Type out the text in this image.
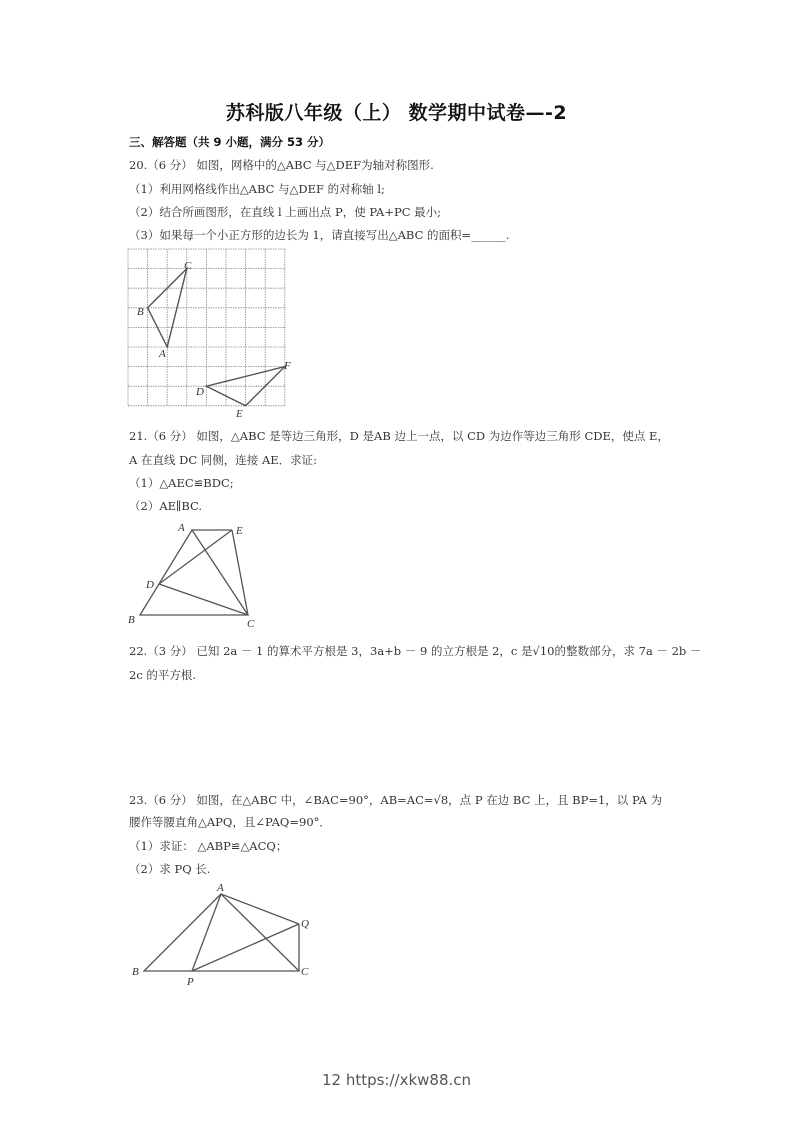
苏科版八年级（上） 数学期中试卷—-2
三、解答题（共 9 小题，满分 53 分）
20.（6 分） 如图，网格中的△ABC 与△DEF为轴对称图形.
（1）利用网格线作出△ABC 与△DEF 的对称轴 l;
（2）结合所画图形，在直线 l 上画出点 P，使 PA+PC 最小;
（3）如果每一个小正方形的边长为 1，请直接写出△ABC 的面积=______.
C
B
A
F
D
E
21.（6 分） 如图，△ABC 是等边三角形，D 是AB 边上一点，以 CD 为边作等边三角形 CDE，使点 E，
A 在直线 DC 同侧，连接 AE．求证:
（1）△AEC≌BDC;
（2）AE∥BC.
A	E
D
B	C
22.（3 分） 已知 2a － 1 的算术平方根是 3，3a+b － 9 的立方根是 2，c 是√10的整数部分，求 7a － 2b －
2c 的平方根.
23.（6 分） 如图，在△ABC 中，∠BAC=90°，AB=AC=√8，点 P 在边 BC 上，且 BP=1，以 PA 为
腰作等腰直角△APQ，且∠PAQ=90°．
（1）求证： △ABP≌△ACQ；
（2）求 PQ 长.
A
Q
B
P
C
12 https://xkw88.cn
